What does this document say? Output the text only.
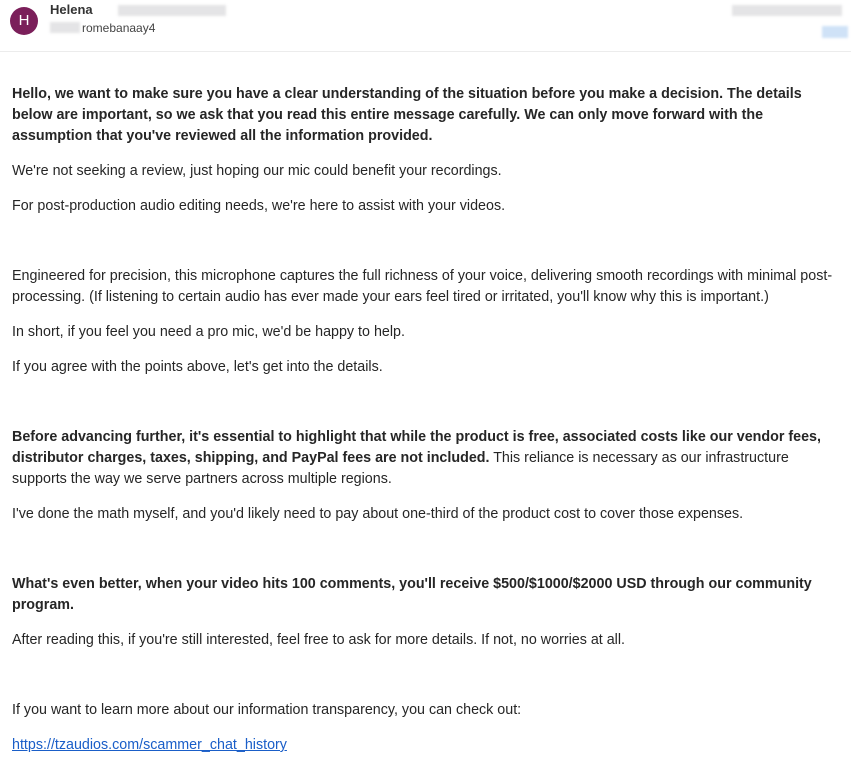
H
Helena
romebanaay4

Hello, we want to make sure you have a clear understanding of the situation before you make a decision. The details below are important, so we ask that you read this entire message carefully. We can only move forward with the assumption that you've reviewed all the information provided.

We're not seeking a review, just hoping our mic could benefit your recordings.

For post-production audio editing needs, we're here to assist with your videos.

Engineered for precision, this microphone captures the full richness of your voice, delivering smooth recordings with minimal post-processing. (If listening to certain audio has ever made your ears feel tired or irritated, you'll know why this is important.)

In short, if you feel you need a pro mic, we'd be happy to help.

If you agree with the points above, let's get into the details.

Before advancing further, it's essential to highlight that while the product is free, associated costs like our vendor fees, distributor charges, taxes, shipping, and PayPal fees are not included. This reliance is necessary as our infrastructure supports the way we serve partners across multiple regions.

I've done the math myself, and you'd likely need to pay about one-third of the product cost to cover those expenses.

What's even better, when your video hits 100 comments, you'll receive $500/$1000/$2000 USD through our community program.

After reading this, if you're still interested, feel free to ask for more details. If not, no worries at all.

If you want to learn more about our information transparency, you can check out:

https://tzaudios.com/scammer_chat_history
